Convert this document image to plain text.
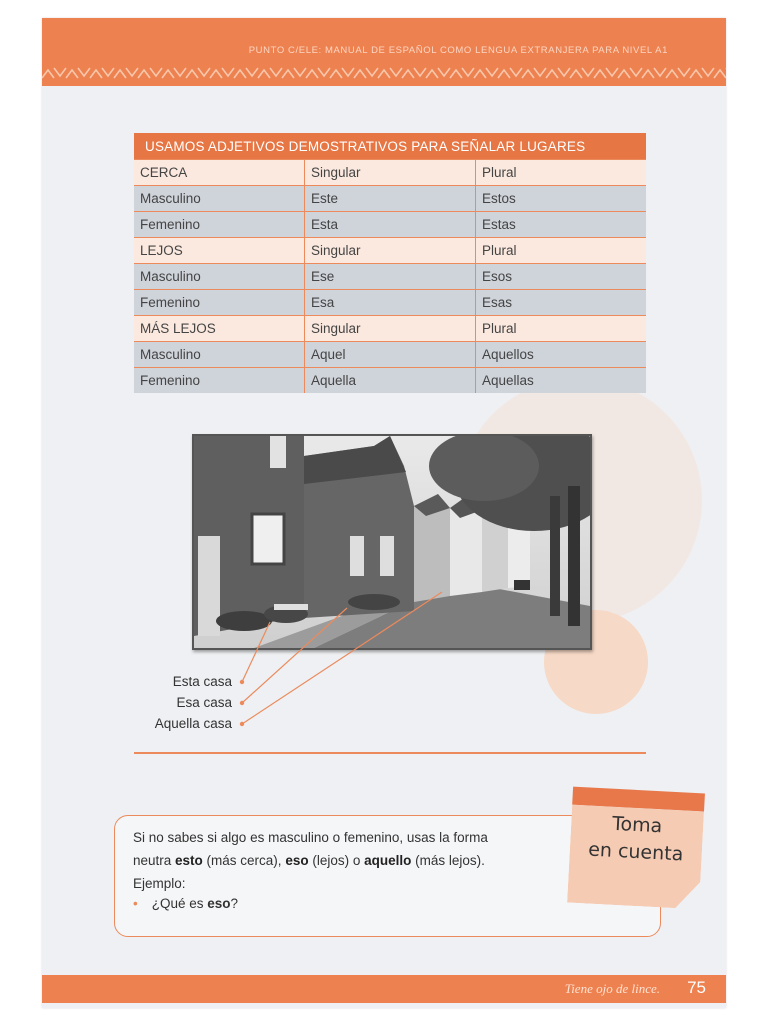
PUNTO C/ELE: MANUAL DE ESPAÑOL COMO LENGUA EXTRANJERA PARA NIVEL A1
USAMOS ADJETIVOS DEMOSTRATIVOS PARA SEÑALAR LUGARES		
CERCA	Singular	Plural
Masculino	Este	Estos
Femenino	Esta	Estas
LEJOS	Singular	Plural
Masculino	Ese	Esos
Femenino	Esa	Esas
MÁS LEJOS	Singular	Plural
Masculino	Aquel	Aquellos
Femenino	Aquella	Aquellas
Esta casa
Esa casa
Aquella casa
Si no sabes si algo es masculino o femenino, usas la forma
neutra esto (más cerca), eso (lejos) o aquello (más lejos).
Ejemplo:
• ¿Qué es eso?
Toma
en cuenta
Tiene ojo de lince. 75
